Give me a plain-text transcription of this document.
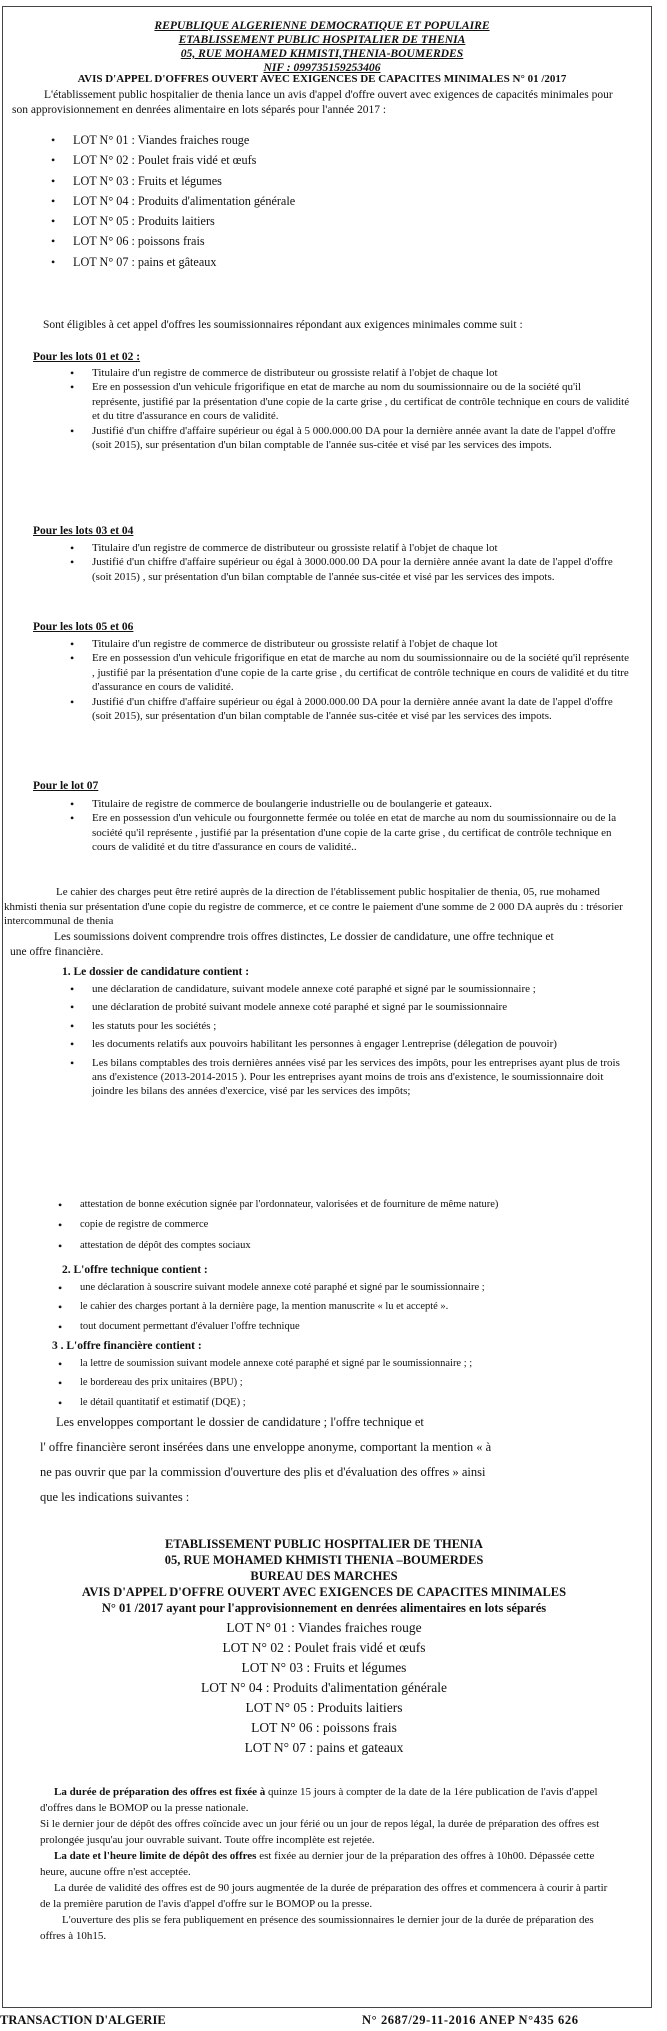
REPUBLIQUE ALGERIENNE DEMOCRATIQUE ET POPULAIRE
ETABLISSEMENT PUBLIC HOSPITALIER DE THENIA
05, RUE MOHAMED KHMISTI,THENIA-BOUMERDES
NIF : 099735159253406
AVIS D'APPEL D'OFFRES OUVERT AVEC EXIGENCES DE CAPACITES MINIMALES N° 01 /2017
L'établissement public hospitalier de thenia lance un avis d'appel d'offre ouvert avec exigences de capacités minimales pour son approvisionnement en denrées alimentaire en lots séparés pour l'année 2017 :
• LOT N° 01 : Viandes fraiches rouge
• LOT N° 02 : Poulet frais vidé et œufs
• LOT N° 03 : Fruits et légumes
• LOT N° 04 : Produits d'alimentation générale
• LOT N° 05 : Produits laitiers
• LOT N° 06 : poissons frais
• LOT N° 07 : pains et gâteaux
Sont éligibles à cet appel d'offres les soumissionnaires répondant aux exigences minimales comme suit :
Pour les lots 01 et 02 :
• Titulaire d'un registre de commerce de distributeur ou grossiste relatif à l'objet de chaque lot
• Ere en possession d'un vehicule frigorifique en etat de marche au nom du soumissionnaire ou de la société qu'il représente, justifié par la présentation d'une copie de la carte grise , du certificat de contrôle technique en cours de validité et du titre d'assurance en cours de validité.
• Justifié d'un chiffre d'affaire supérieur ou égal à 5 000.000.00 DA pour la dernière année avant la date de l'appel d'offre (soit 2015), sur présentation d'un bilan comptable de l'année sus-citée et visé par les services des impots.
Pour les lots 03 et 04
• Titulaire d'un registre de commerce de distributeur ou grossiste relatif à l'objet de chaque lot
• Justifié d'un chiffre d'affaire supérieur ou égal à 3000.000.00 DA pour la dernière année avant la date de l'appel d'offre (soit 2015) , sur présentation d'un bilan comptable de l'année sus-citée et visé par les services des impots.
Pour les lots 05 et 06
• Titulaire d'un registre de commerce de distributeur ou grossiste relatif à l'objet de chaque lot
• Ere en possession d'un vehicule frigorifique en etat de marche au nom du soumissionnaire ou de la société qu'il représente , justifié par la présentation d'une copie de la carte grise , du certificat de contrôle technique en cours de validité et du titre d'assurance en cours de validité.
• Justifié d'un chiffre d'affaire supérieur ou égal à 2000.000.00 DA pour la dernière année avant la date de l'appel d'offre (soit 2015), sur présentation d'un bilan comptable de l'année sus-citée et visé par les services des impots.
Pour le lot 07
• Titulaire de registre de commerce de boulangerie industrielle ou de boulangerie et gateaux.
• Ere en possession d'un vehicule ou fourgonnette fermée ou tolée en etat de marche au nom du soumissionnaire ou de la société qu'il représente , justifié par la présentation d'une copie de la carte grise , du certificat de contrôle technique en cours de validité et du titre d'assurance en cours de validité..
Le cahier des charges peut être retiré auprès de la direction de l'établissement public hospitalier de thenia, 05, rue mohamed khmisti thenia sur présentation d'une copie du registre de commerce, et ce contre le paiement d'une somme de 2 000 DA auprès du : trésorier intercommunal de thenia
Les soumissions doivent comprendre trois offres distinctes, Le dossier de candidature, une offre technique et une offre financière.
1. Le dossier de candidature contient :
• une déclaration de candidature, suivant modele annexe coté paraphé et signé par le soumissionnaire ;
• une déclaration de probité suivant modele annexe coté paraphé et signé par le soumissionnaire
• les statuts pour les sociétés ;
• les documents relatifs aux pouvoirs habilitant les personnes à engager l.entreprise (délegation de pouvoir)
• Les bilans comptables des trois dernières années visé par les services des impôts, pour les entreprises ayant plus de trois ans d'existence (2013-2014-2015 ). Pour les entreprises ayant moins de trois ans d'existence, le soumissionnaire doit joindre les bilans des années d'exercice, visé par les services des impôts;
• attestation de bonne exécution signée par l'ordonnateur, valorisées et de fourniture de même nature)
• copie de registre de commerce
• attestation de dépôt des comptes sociaux
2. L'offre technique contient :
• une déclaration à souscrire suivant modele annexe coté paraphé et signé par le soumissionnaire ;
• le cahier des charges portant à la dernière page, la mention manuscrite « lu et accepté ».
• tout document permettant d'évaluer l'offre technique
3 . L'offre financière contient :
• la lettre de soumission suivant modele annexe coté paraphé et signé par le soumissionnaire ; ;
• le bordereau des prix unitaires (BPU) ;
• le détail quantitatif et estimatif (DQE) ;
Les enveloppes comportant le dossier de candidature ; l'offre technique et
l' offre financière seront insérées dans une enveloppe anonyme, comportant la mention « à
ne pas ouvrir que par la commission d'ouverture des plis et d'évaluation des offres » ainsi
que les indications suivantes :
ETABLISSEMENT PUBLIC HOSPITALIER DE THENIA
05, RUE MOHAMED KHMISTI THENIA –BOUMERDES
BUREAU DES MARCHES
AVIS D'APPEL D'OFFRE OUVERT AVEC EXIGENCES DE CAPACITES MINIMALES
N° 01 /2017 ayant pour l'approvisionnement en denrées alimentaires en lots séparés
LOT N° 01 : Viandes fraiches rouge
LOT N° 02 : Poulet frais vidé et œufs
LOT N° 03 : Fruits et légumes
LOT N° 04 : Produits d'alimentation générale
LOT N° 05 : Produits laitiers
LOT N° 06 : poissons frais
LOT N° 07 : pains et gateaux
La durée de préparation des offres est fixée à quinze 15 jours à compter de la date de la 1ére publication de l'avis d'appel d'offres dans le BOMOP ou la presse nationale.
Si le dernier jour de dépôt des offres coïncide avec un jour férié ou un jour de repos légal, la durée de préparation des offres est prolongée jusqu'au jour ouvrable suivant. Toute offre incomplète est rejetée.
La date et l'heure limite de dépôt des offres est fixée au dernier jour de la préparation des offres à 10h00. Dépassée cette heure, aucune offre n'est acceptée.
La durée de validité des offres est de 90 jours augmentée de la durée de préparation des offres et commencera à courir à partir de la première parution de l'avis d'appel d'offre sur le BOMOP ou la presse.
L'ouverture des plis se fera publiquement en présence des soumissionnaires le dernier jour de la durée de préparation des offres à 10h15.
TRANSACTION D'ALGERIE	N° 2687/29-11-2016 ANEP N°435 626
